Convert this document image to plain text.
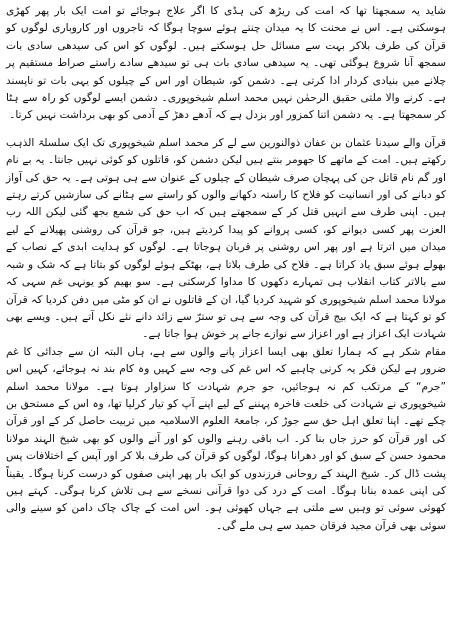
شاید یہ سمجھتا تھا کہ امت کی ریڑھ کی ہڈی کا اگر علاج ہوجائے تو امت ایک بار پھر کھڑی ہوسکتی ہے۔ اس نے محنت کا یہ میدان چنتے ہوئے سوچا ہوگا کہ تاجروں اور کاروباری لوگوں کو قرآن کی طرف بلاکر بہت سے مسائل حل ہوسکتے ہیں۔ لوگوں کو اس کی سیدھی سادی بات سمجھ آنا شروع ہوگئی تھی۔ یہ سیدھی سادی بات ہی تو سیدھے سادے راستے صراط مستقیم پر چلانے میں بنیادی کردار ادا کرتی ہے۔ دشمن کو، شیطان اور اس کے چیلوں کو یہی بات تو ناپسند ہے۔ کرنے والا ملتی حقیق الرحمٰن نہیں محمد اسلم شیخوپوری۔ دشمن ایسے لوگوں کو راہ سے ہٹا کر سمجھتا ہے۔ یہ دشمن اتنا کمزور اور بزدل ہے کہ آدھے دھڑ کے آدمی کو بھی برداشت نہیں کرتا۔

قرآن والے سیدنا عثمان بن عفان ذوالنورین سے لے کر محمد اسلم شیخوپوری تک ایک سلسلۃ الذہب رکھتے ہیں۔ امت کے ماتھے کا جھومر بنتے ہیں لیکن دشمن کو، قاتلوں کو کوئی نہیں جانتا۔ یہ بے نام اور گم نام قاتل جن کی پہچان صرف شیطان کے چیلوں کے عنوان سے ہی ہوتی ہے۔ یہ حق کی آواز کو دبانے کی اور انسانیت کو فلاح کا راستہ دکھانے والوں کو راستے سے ہٹانے کی سازشیں کرتے رہتے ہیں۔ اپنی طرف سے انہیں قتل کر کے سمجھتے ہیں کہ اب حق کی شمع بجھ گئی لیکن اللہ رب العزت پھر کسی دیوانے کو، کسی پروانے کو پیدا کردیتے ہیں، جو قرآن کی روشنی پھیلانے کے لیے میدان میں اترتا ہے اور پھر اس روشنی پر قربان ہوجاتا ہے۔ لوگوں کو ہدایت ابدی کے نصاب کے بھولے ہوئے سبق یاد کراتا ہے۔ فلاح کی طرف بلاتا ہے، بھٹکے ہوئے لوگوں کو بتاتا ہے کہ شک و شبہ سے بالاتر کتاب انقلاب ہی تمہارے دکھوں کا مداوا کرسکتی ہے۔ سو بھیم کو یونہی غم سہی کہ مولانا محمد اسلم شیخوپوری کو شہید کردیا گیا، ان کے قاتلوں نے ان کو مٹی میں دفن کردیا کہ قرآن کو تو کہتا ہے کہ ایک بیج قرآن کی وجہ سے ہی تو سترّ سے زائد دانے نئے نکل آتے ہیں۔ ویسے بھی شہادت ایک اعزاز ہے اور اعزاز سے نوازے جانے پر خوش ہوا جاتا ہے۔

مقام شکر ہے کہ ہمارا تعلق بھی ایسا اعزاز پانے والوں سے ہے، ہاں البتہ ان سے جدائی کا غم ضرور ہے لیکن فکر یہ کرنی چاہیے کہ اس غم کی وجہ سے کہیں وہ کام بند نہ ہوجائے، کہیں اس ”جرم“ کے مرتکب کم نہ ہوجائیں، جو جرم شہادت کا سزاوار ہوتا ہے۔ مولانا محمد اسلم شیخوپوری نے شہادت کی خلعت فاخرہ پہننے کے لیے اپنے آپ کو تیار کرلیا تھا، وہ اس کے مستحق بن چکے تھے۔ اپنا تعلق اہل حق سے جوڑ کر، جامعۃ العلوم الاسلامیہ میں تربیت حاصل کر کے اور قرآن کی اور قرآن کو حرز جاں بنا کر۔ اب باقی رہنے والوں کو اور آنے والوں کو بھی شیخ الہند مولانا محمود حسن کے سبق کو اور دھرانا ہوگا، لوگوں کو قرآن کی طرف بلا کر اور آپس کے اختلافات پس پشت ڈال کر۔ شیخ الہند کے روحانی فرزندوں کو ایک بار پھر اپنی صفوں کو درست کرنا ہوگا۔ یقیناً کی اپنی عمدہ بنانا ہوگا۔ امت کے درد کی دوا قرآنی نسخے سے ہی تلاش کرنا ہوگی۔ کہتے ہیں کھوئی سوئی تو وہیں سے ملتی ہے جہاں کھوئی ہو۔ اس امت کے چاک چاک دامن کو سینے والی سوئی بھی قرآن مجید فرقان حمید سے ہی ملے گی۔
